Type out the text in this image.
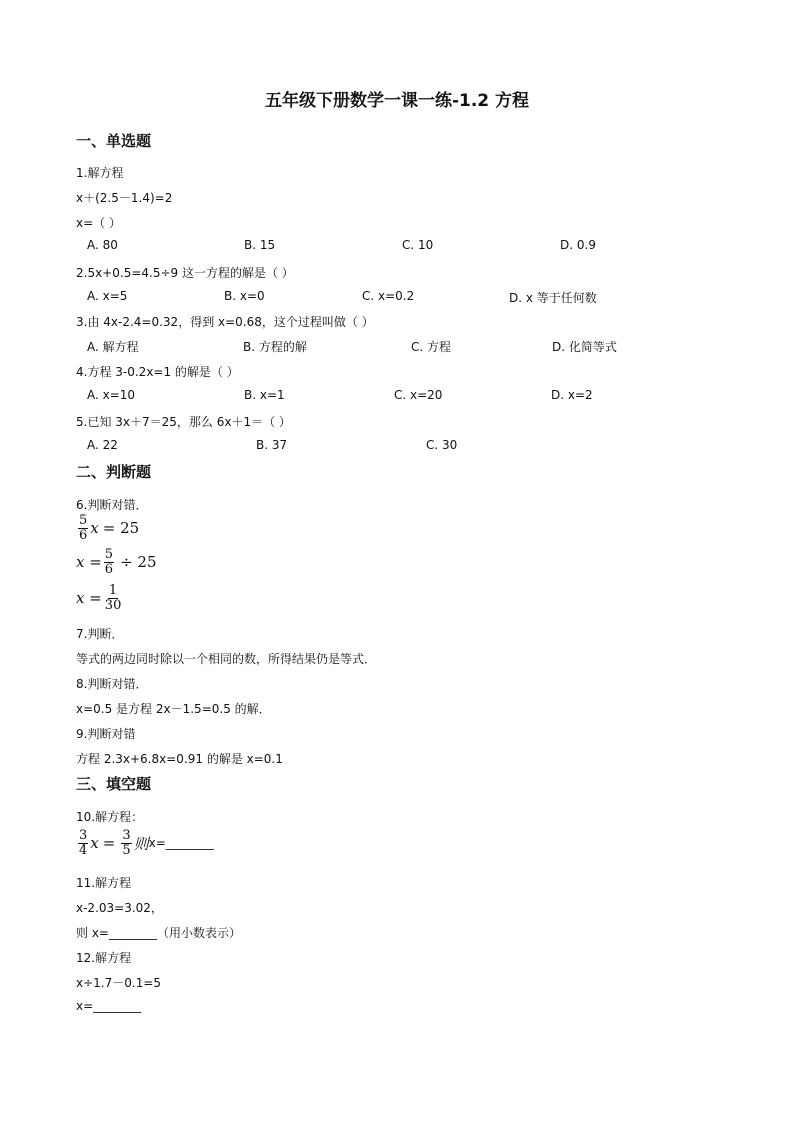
五年级下册数学一课一练-1.2 方程
一、单选题
1.解方程
x＋(2.5－1.4)=2
x=（ ）
A. 80	B. 15	C. 10	D. 0.9
2.5x+0.5=4.5÷9 这一方程的解是（ ）
A. x=5	B. x=0	C. x=0.2	D. x 等于任何数
3.由 4x-2.4=0.32，得到 x=0.68，这个过程叫做（ ）
A. 解方程	B. 方程的解	C. 方程	D. 化简等式
4.方程 3-0.2x=1 的解是（ ）
A. x=10	B. x=1	C. x=20	D. x=2
5.已知 3x＋7＝25，那么 6x＋1＝（ ）
A. 22	B. 37	C. 30
二、判断题
6.判断对错．
$\frac{5}{6}$ x = 25
$x = \frac{5}{6} \div 25$
$x = \frac{1}{30}$
7.判断．
等式的两边同时除以一个相同的数，所得结果仍是等式．
8.判断对错．
x=0.5 是方程 2x－1.5=0.5 的解．
9.判断对错
方程 2.3x+6.8x=0.91 的解是 x=0.1
三、填空题
10.解方程：
$\frac{3}{4}$ $x = \frac{3}{5}$ 则 x=________
11.解方程
x-2.03=3.02，
则 x=________（用小数表示）
12.解方程
x÷1.7－0.1=5
x=________
